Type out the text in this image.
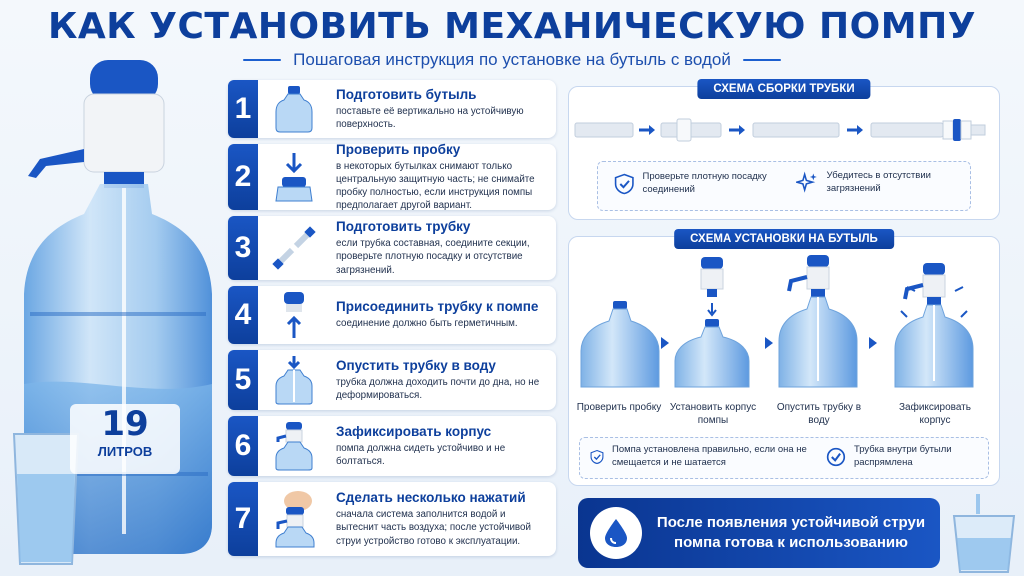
КАК УСТАНОВИТЬ МЕХАНИЧЕСКУЮ ПОМПУ
Пошаговая инструкция по установке на бутыль с водой
19
ЛИТРОВ
1	Подготовить бутыль
поставьте её вертикально на устойчивую поверхность.
2
Проверить пробку
в некоторых бутылках снимают только центральную защитную часть; не снимайте пробку полностью, если инструкция помпы предполагает другой вариант.
3
Подготовить трубку
если трубка составная, соедините секции, проверьте плотную посадку и отсутствие загрязнений.
4	Присоединить трубку к помпе
соединение должно быть герметичным.
5	Опустить трубку в воду
трубка должна доходить почти до дна, но не деформироваться.
6	Зафиксировать корпус
помпа должна сидеть устойчиво и не болтаться.
7
Сделать несколько нажатий
сначала система заполнится водой и вытеснит часть воздуха; после устойчивой струи устройство готово к эксплуатации.
СХЕМА СБОРКИ ТРУБКИ
Проверьте плотную посадку соединений
Убедитесь в отсутствии загрязнений
СХЕМА УСТАНОВКИ НА БУТЫЛЬ
Проверить пробку Установить корпус помпы
Опустить трубку в воду
Зафиксировать корпус
Помпа установлена правильно, если она не смещается и не шатается
Трубка внутри бутыли распрямлена
После появления устойчивой струи помпа готова к использованию
